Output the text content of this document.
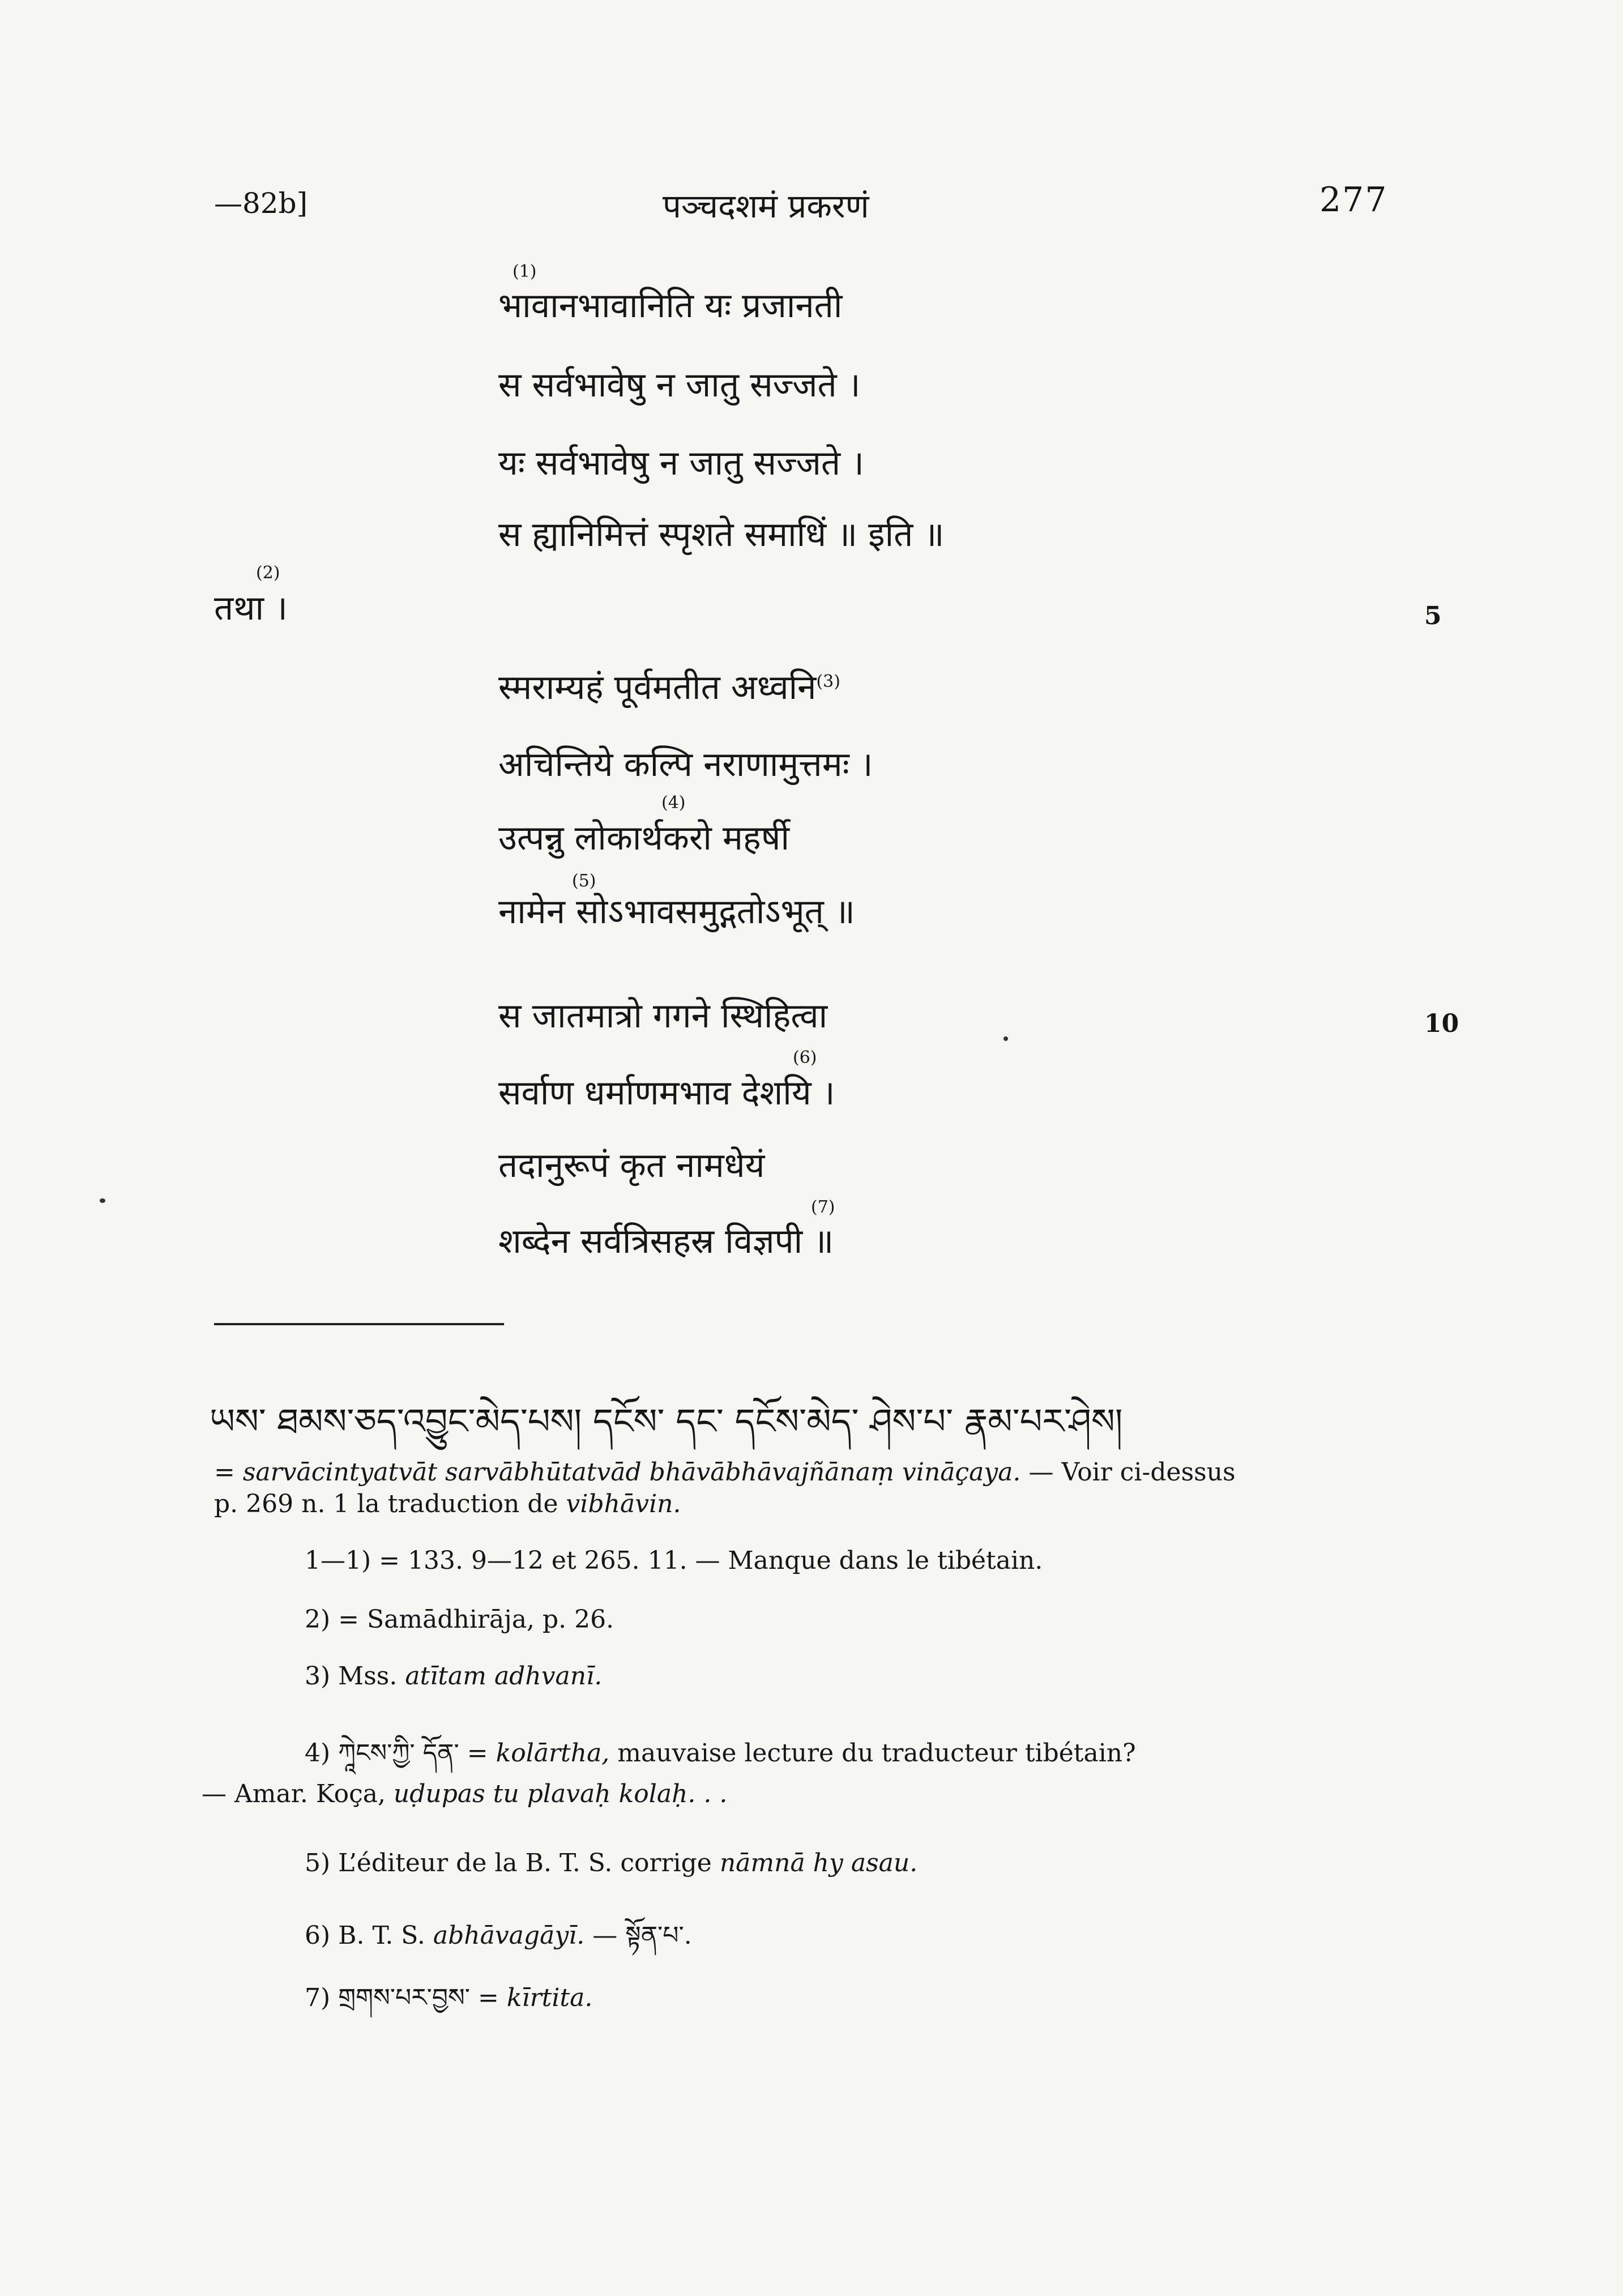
—82b]	पञ्चदशमं प्रकरणं	277
(1)
भावानभावानिति यः प्रजानती
स सर्वभावेषु न जातु सज्जते ।
यः सर्वभावेषु न जातु सज्जते ।
स ह्यानिमित्तं स्पृशते समाधिं ॥ इति ॥
(2)
तथा ।	5
स्मराम्यहं पूर्वमतीत अध्वनि$^{(3)}$
अचिन्तिये कल्पि नराणामुत्तमः ।
(4)
उत्पन्नु लोकार्थकरो महर्षी
(5)
नामेन सोऽभावसमुद्गतोऽभूत् ॥
स जातमात्रो गगने स्थिहित्वा	10
(6)
सर्वाण धर्माणमभाव देशयि ।
तदानुरूपं कृत नामधेयं
(7)
शब्देन सर्वत्रिसहस्र विज्ञपी ॥
ཡས་ ཐམས་ཅད་འབྱུང་མེད་པས། དངོས་ དང་ དངོས་མེད་ ཤེས་པ་ རྣམ་པར་ཤེས།
= sarvācintyatvāt sarvābhūtatvād bhāvābhāvajñānaṃ vināçaya. — Voir ci-dessus
p. 269 n. 1 la traduction de vibhāvin.
1—1) = 133. 9—12 et 265. 11. — Manque dans le tibétain.
2) = Samādhirāja, p. 26.
3) Mss. atītam adhvanī.
4) ཀཱེངས་ཀྱི་ དོན་ = kolārtha, mauvaise lecture du traducteur tibétain?
— Amar. Koça, uḍupas tu plavaḥ kolaḥ. . .
5) L’éditeur de la B. T. S. corrige nāmnā hy asau.
6) B. T. S. abhāvagāyī. — སྟོན་པ་.
7) གྲགས་པར་བྱས་ = kīrtita.
